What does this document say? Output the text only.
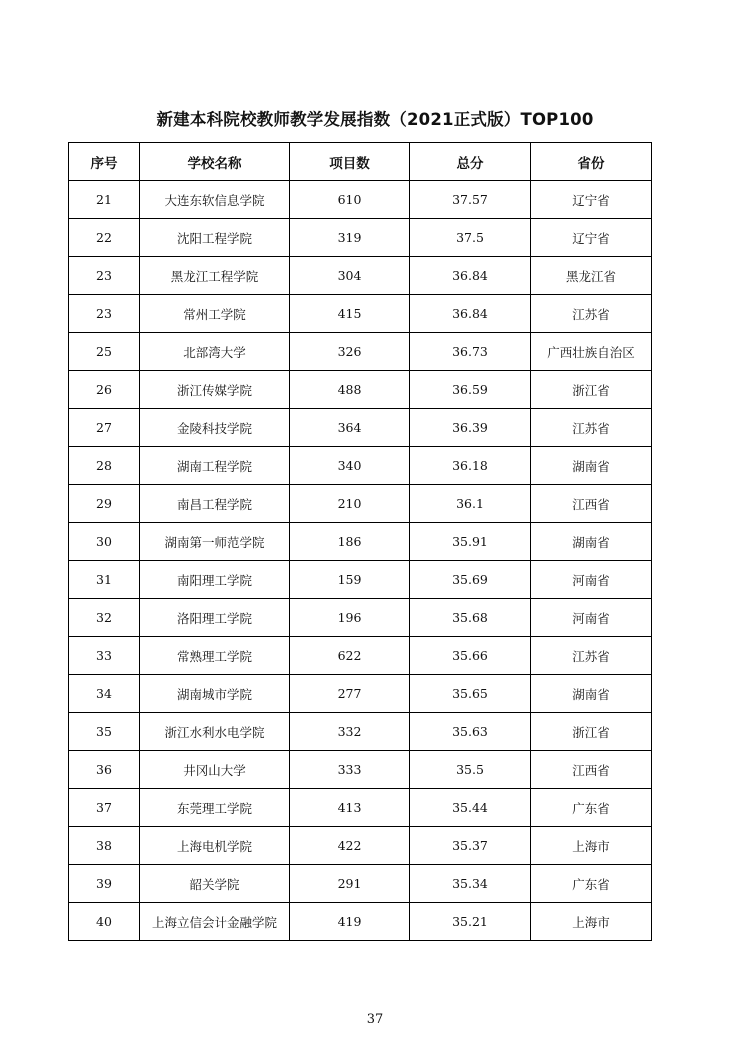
新建本科院校教师教学发展指数（2021正式版）TOP100
序号	学校名称	项目数	总分	省份
21	大连东软信息学院	610	37.57	辽宁省
22	沈阳工程学院	319	37.5	辽宁省
23	黑龙江工程学院	304	36.84	黑龙江省
23	常州工学院	415	36.84	江苏省
25	北部湾大学	326	36.73	广西壮族自治区
26	浙江传媒学院	488	36.59	浙江省
27	金陵科技学院	364	36.39	江苏省
28	湖南工程学院	340	36.18	湖南省
29	南昌工程学院	210	36.1	江西省
30	湖南第一师范学院	186	35.91	湖南省
31	南阳理工学院	159	35.69	河南省
32	洛阳理工学院	196	35.68	河南省
33	常熟理工学院	622	35.66	江苏省
34	湖南城市学院	277	35.65	湖南省
35	浙江水利水电学院	332	35.63	浙江省
36	井冈山大学	333	35.5	江西省
37	东莞理工学院	413	35.44	广东省
38	上海电机学院	422	35.37	上海市
39	韶关学院	291	35.34	广东省
40	上海立信会计金融学院	419	35.21	上海市
37
